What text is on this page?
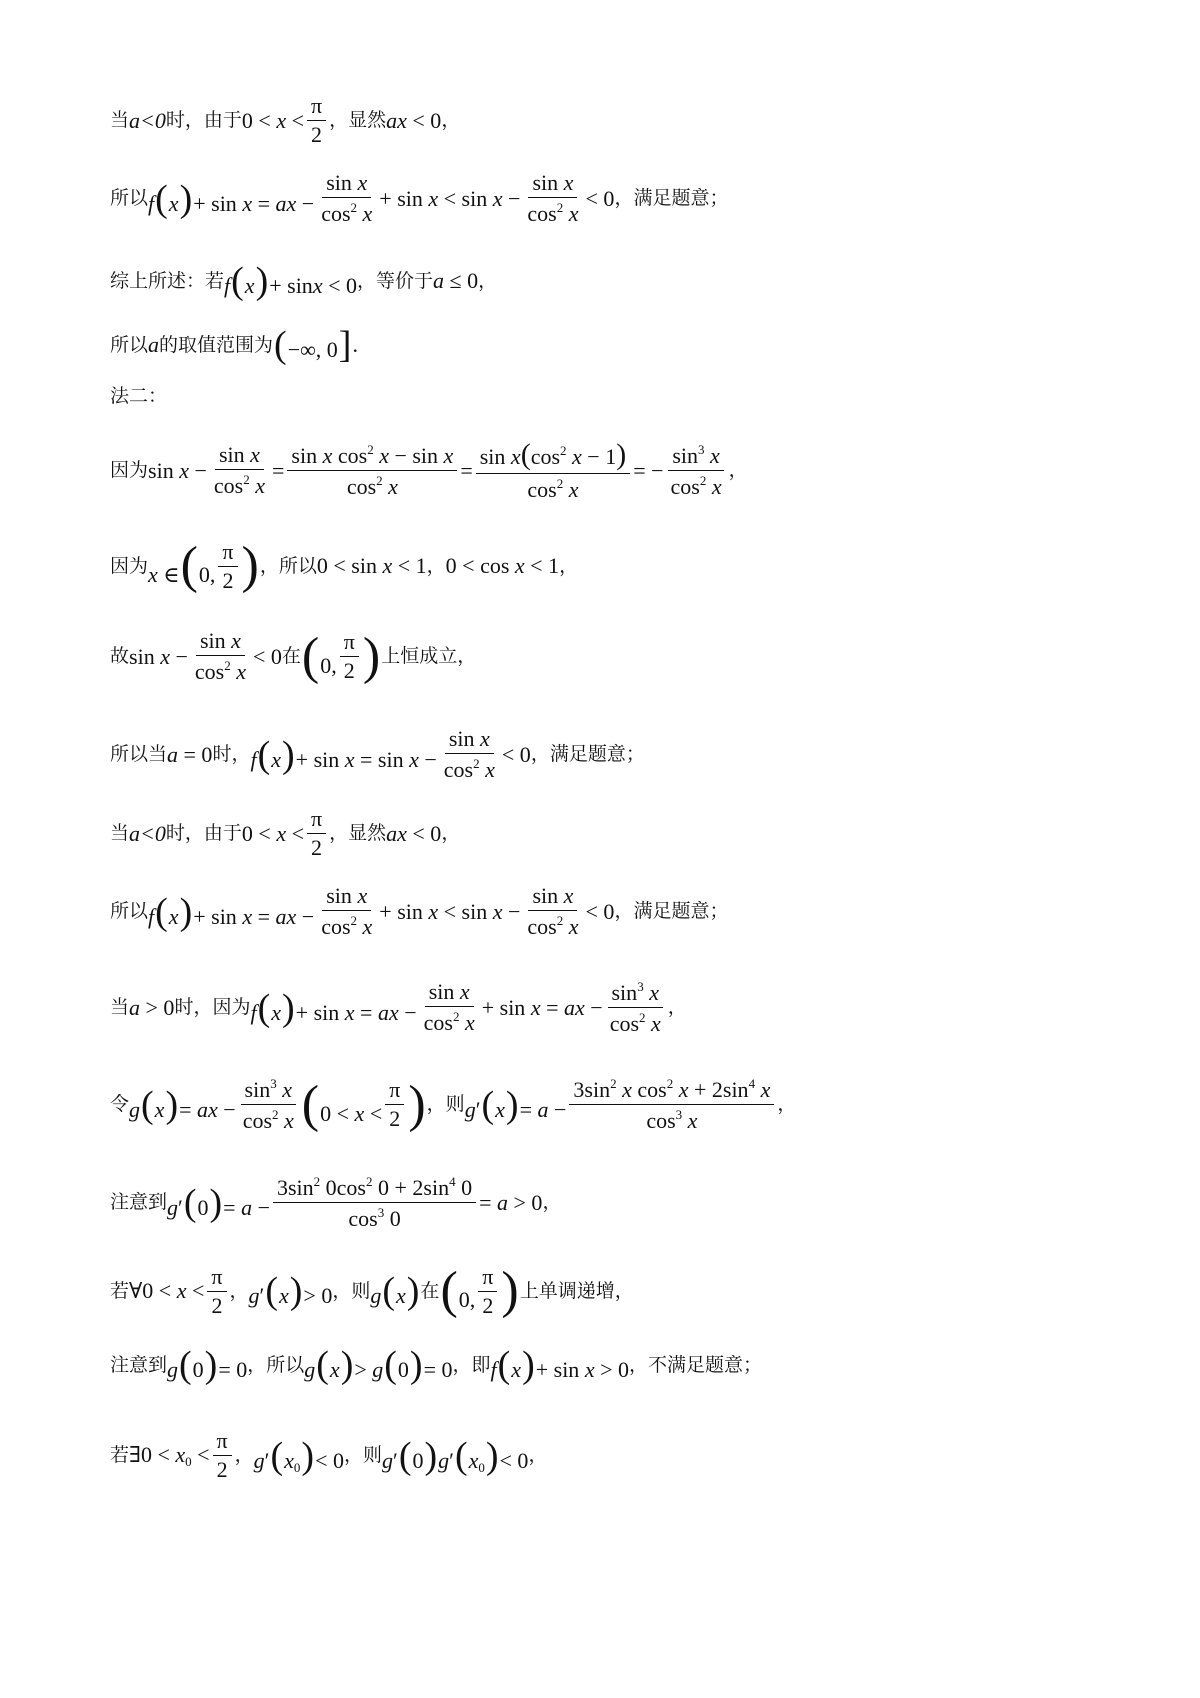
当 a<0 时，由于 $0 < x < \frac{\pi}{2}$ ，显然 ax < 0 ，
所以 f(x)+ sin x = ax − $\frac{\text{sin x}}{\cos^2 x} + \sin x < \sin x - \frac{\text{sin x}}{\cos^2 x} < 0$ ，满足题意；
综上所述：若 f(x)+ sinx < 0 ，等价于 a ≤ 0 ，
所以 a 的取值范围为 (−∞, 0] .
法二：
因为 $\sin x - \frac{\text{sin x}}{\cos^2 x} = \frac{\sin x \cos^2 x - \sin x}{\cos^2 x} = \frac{\sin x(\cos^2 x - 1)}{\cos^2 x}$ = − $\frac{\sin^3 x}{\cos^2 x}$ ，
因为 x ∈(0, $\frac{\pi}{2}$ ) ，所以 0 < sin x < 1 ， 0 < cos x < 1 ，
故 $\sin x - \frac{\text{sin x}}{\cos^2 x} < 0$ 在 (0, $\frac{\pi}{2}$ ) 上恒成立，
所以当 a = 0 时， $f(x)+ \sin x = \sin x - \frac{\text{sin x}}{\cos^2 x} < 0$ ，满足题意；
当 a<0 时，由于 $0 < x < \frac{\pi}{2}$ ，显然 ax < 0 ，
所以 f(x)+ sin x = ax − $\frac{\text{sin x}}{\cos^2 x} + \sin x < \sin x - \frac{\text{sin x}}{\cos^2 x} < 0$ ，满足题意；
当 a > 0 时，因为 f(x)+ sin x = ax − $\frac{\text{sin x}}{\cos^2 x} + \sin x$ = ax − $\frac{\sin^3 x}{\cos^2 x}$ ，
令 g(x)= ax − $\frac{\sin^3 x}{\cos^2 x} (0 < x < \frac{\pi}{2}$ ) ，则 $g'(x)= a - \frac{3\sin^2 x \cos^2 x + 2\sin^4 x}{\cos^3 x}$ ，
注意到 $g'(0)= a - \frac{3\sin^2 0\cos^2 0 + 2\sin^4 0}{\cos^3 0} = a > 0$ ，
若 ∀0 < $x < \frac{\pi}{2}$ ， g′(x)> 0 ，则 g(x) 在 (0, $\frac{\pi}{2}$ ) 上单调递增，
注意到 g(0)= 0 ，所以 g(x)> g(0)= 0 ，即 f(x)+ sin x > 0 ，不满足题意；
若 ∃0 < $x_0 < \frac{\pi}{2}$ ， $g'(x_0)< 0$ ，则 $g'(0)g'(x_0)< 0$ ，
